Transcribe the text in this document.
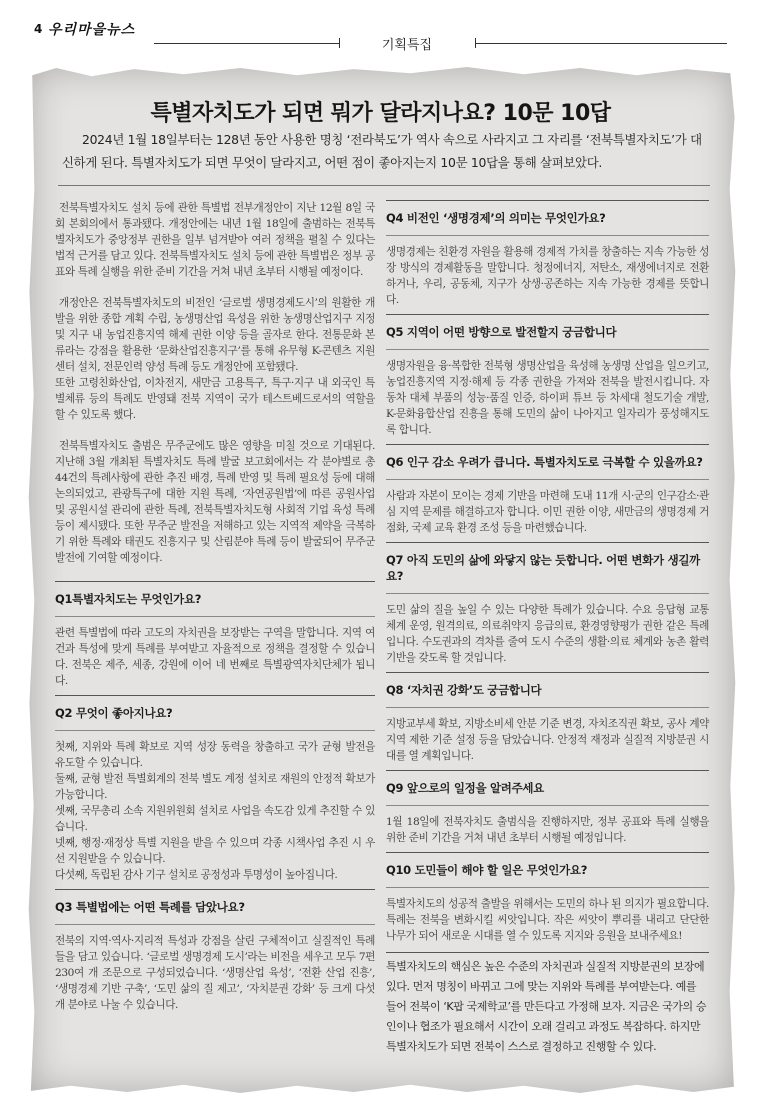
4 우리마을뉴스
기획특집
특별자치도가 되면 뭐가 달라지나요? 10문 10답
2024년 1월 18일부터는 128년 동안 사용한 명칭 ‘전라북도’가 역사 속으로 사라지고 그 자리를 ‘전북특별자치도’가 대신하게 된다. 특별자치도가 되면 무엇이 달라지고, 어떤 점이 좋아지는지 10문 10답을 통해 살펴보았다.

전북특별자치도 설치 등에 관한 특별법 전부개정안이 지난 12월 8일 국회 본회의에서 통과됐다. 개정안에는 내년 1월 18일에 출범하는 전북특별자치도가 중앙정부 권한을 일부 넘겨받아 여러 정책을 펼칠 수 있다는 법적 근거를 담고 있다. 전북특별자치도 설치 등에 관한 특별법은 정부 공표와 특례 실행을 위한 준비 기간을 거쳐 내년 초부터 시행될 예정이다.

개정안은 전북특별자치도의 비전인 ‘글로벌 생명경제도시’의 원활한 개발을 위한 종합 계획 수립, 농생명산업 육성을 위한 농생명산업지구 지정 및 지구 내 농업진흥지역 해제 권한 이양 등을 골자로 한다. 전통문화 본류라는 강점을 활용한 ‘문화산업진흥지구’를 통해 유무형 K-콘텐츠 지원센터 설치, 전문인력 양성 특례 등도 개정안에 포함됐다.
또한 고령친화산업, 이차전지, 새만금 고용특구, 특구·지구 내 외국인 특별체류 등의 특례도 반영돼 전북 지역이 국가 테스트베드로서의 역할을 할 수 있도록 했다.

전북특별자치도 출범은 무주군에도 많은 영향을 미칠 것으로 기대된다. 지난해 3월 개최된 특별자치도 특례 발굴 보고회에서는 각 분야별로 총 44건의 특례사항에 관한 추진 배경, 특례 반영 및 특례 필요성 등에 대해 논의되었고, 관광특구에 대한 지원 특례, ‘자연공원법’에 따른 공원사업 및 공원시설 관리에 관한 특례, 전북특별자치도형 사회적 기업 육성 특례 등이 제시됐다. 또한 무주군 발전을 저해하고 있는 지역적 제약을 극복하기 위한 특례와 태권도 진흥지구 및 산림분야 특례 등이 발굴되어 무주군 발전에 기여할 예정이다.

Q1특별자치도는 무엇인가요?

관련 특별법에 따라 고도의 자치권을 보장받는 구역을 말합니다. 지역 여건과 특성에 맞게 특례를 부여받고 자율적으로 정책을 결정할 수 있습니다. 전북은 제주, 세종, 강원에 이어 네 번째로 특별광역자치단체가 됩니다.

Q2 무엇이 좋아지나요?

첫째, 지위와 특례 확보로 지역 성장 동력을 창출하고 국가 균형 발전을 유도할 수 있습니다.
둘째, 균형 발전 특별회계의 전북 별도 계정 설치로 재원의 안정적 확보가 가능합니다.
셋째, 국무총리 소속 지원위원회 설치로 사업을 속도감 있게 추진할 수 있습니다.
넷째, 행정·재정상 특별 지원을 받을 수 있으며 각종 시책사업 추진 시 우선 지원받을 수 있습니다.
다섯째, 독립된 감사 기구 설치로 공정성과 투명성이 높아집니다.

Q3 특별법에는 어떤 특례를 담았나요?

전북의 지역·역사·지리적 특성과 강점을 살린 구체적이고 실질적인 특례들을 담고 있습니다. ‘글로벌 생명경제 도시’라는 비전을 세우고 모두 7편 230여 개 조문으로 구성되었습니다. ‘생명산업 육성’, ‘전환 산업 진흥’, ‘생명경제 기반 구축’, ‘도민 삶의 질 제고’, ‘자치분권 강화’ 등 크게 다섯 개 분야로 나눌 수 있습니다.

Q4 비전인 ‘생명경제’의 의미는 무엇인가요?

생명경제는 친환경 자원을 활용해 경제적 가치를 창출하는 지속 가능한 성장 방식의 경제활동을 말합니다. 청정에너지, 저탄소, 재생에너지로 전환하거나, 우리, 공동체, 지구가 상생·공존하는 지속 가능한 경제를 뜻합니다.

Q5 지역이 어떤 방향으로 발전할지 궁금합니다

생명자원을 융·복합한 전북형 생명산업을 육성해 농생명 산업을 일으키고, 농업진흥지역 지정·해제 등 각종 권한을 가져와 전북을 발전시킵니다. 자동차 대체 부품의 성능·품질 인증, 하이퍼 튜브 등 차세대 철도기술 개발, K-문화융합산업 진흥을 통해 도민의 삶이 나아지고 일자리가 풍성해지도록 합니다.

Q6 인구 감소 우려가 큽니다. 특별자치도로 극복할 수 있을까요?

사람과 자본이 모이는 경제 기반을 마련해 도내 11개 시·군의 인구감소·관심 지역 문제를 해결하고자 합니다. 이민 권한 이양, 새만금의 생명경제 거점화, 국제 교육 환경 조성 등을 마련했습니다.

Q7 아직 도민의 삶에 와닿지 않는 듯합니다. 어떤 변화가 생길까요?

도민 삶의 질을 높일 수 있는 다양한 특례가 있습니다. 수요 응답형 교통 체계 운영, 원격의료, 의료취약지 응급의료, 환경영향평가 권한 같은 특례입니다. 수도권과의 격차를 줄여 도시 수준의 생활·의료 체계와 농촌 활력 기반을 갖도록 할 것입니다.

Q8 ‘자치권 강화’도 궁금합니다

지방교부세 확보, 지방소비세 안분 기준 변경, 자치조직권 확보, 공사 계약 지역 제한 기준 설정 등을 담았습니다. 안정적 재정과 실질적 지방분권 시대를 열 계획입니다.

Q9 앞으로의 일정을 알려주세요

1월 18일에 전북자치도 출범식을 진행하지만, 정부 공표와 특례 실행을 위한 준비 기간을 거쳐 내년 초부터 시행될 예정입니다.

Q10 도민들이 해야 할 일은 무엇인가요?

특별자치도의 성공적 출발을 위해서는 도민의 하나 된 의지가 필요합니다. 특례는 전북을 변화시킬 씨앗입니다. 작은 씨앗이 뿌리를 내리고 단단한 나무가 되어 새로운 시대를 열 수 있도록 지지와 응원을 보내주세요!

특별자치도의 핵심은 높은 수준의 자치권과 실질적 지방분권의 보장에 있다. 먼저 명칭이 바뀌고 그에 맞는 지위와 특례를 부여받는다. 예를 들어 전북이 ‘K팝 국제학교’를 만든다고 가정해 보자. 지금은 국가의 승인이나 협조가 필요해서 시간이 오래 걸리고 과정도 복잡하다. 하지만 특별자치도가 되면 전북이 스스로 결정하고 진행할 수 있다.
